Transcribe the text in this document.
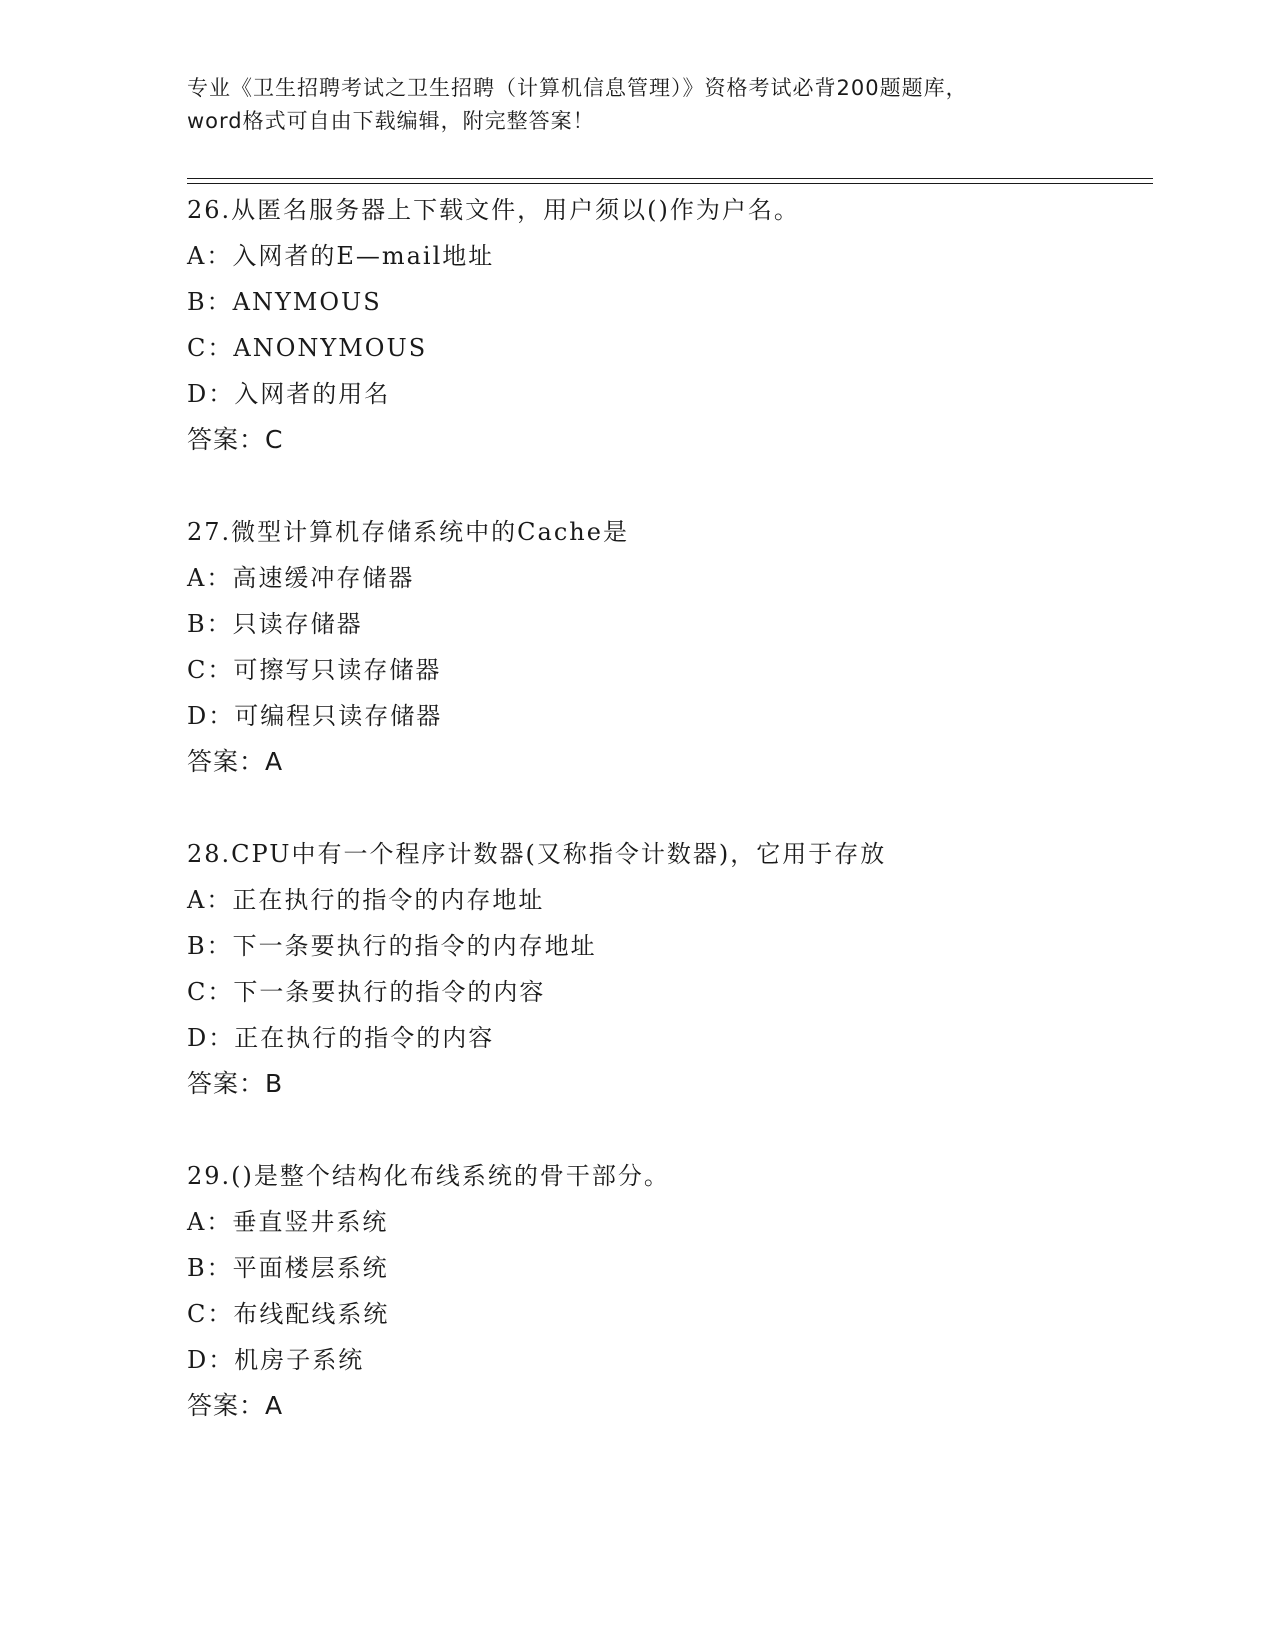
专业《卫生招聘考试之卫生招聘（计算机信息管理）》资格考试必背200题题库，
word格式可自由下载编辑，附完整答案！
26.从匿名服务器上下载文件，用户须以()作为户名。
A：入网者的E—mail地址
B：ANYMOUS
C：ANONYMOUS
D：入网者的用名
答案：C
27.微型计算机存储系统中的Cache是
A：高速缓冲存储器
B：只读存储器
C：可擦写只读存储器
D：可编程只读存储器
答案：A
28.CPU中有一个程序计数器(又称指令计数器)，它用于存放
A：正在执行的指令的内存地址
B：下一条要执行的指令的内存地址
C：下一条要执行的指令的内容
D：正在执行的指令的内容
答案：B
29.()是整个结构化布线系统的骨干部分。
A：垂直竖井系统
B：平面楼层系统
C：布线配线系统
D：机房子系统
答案：A
